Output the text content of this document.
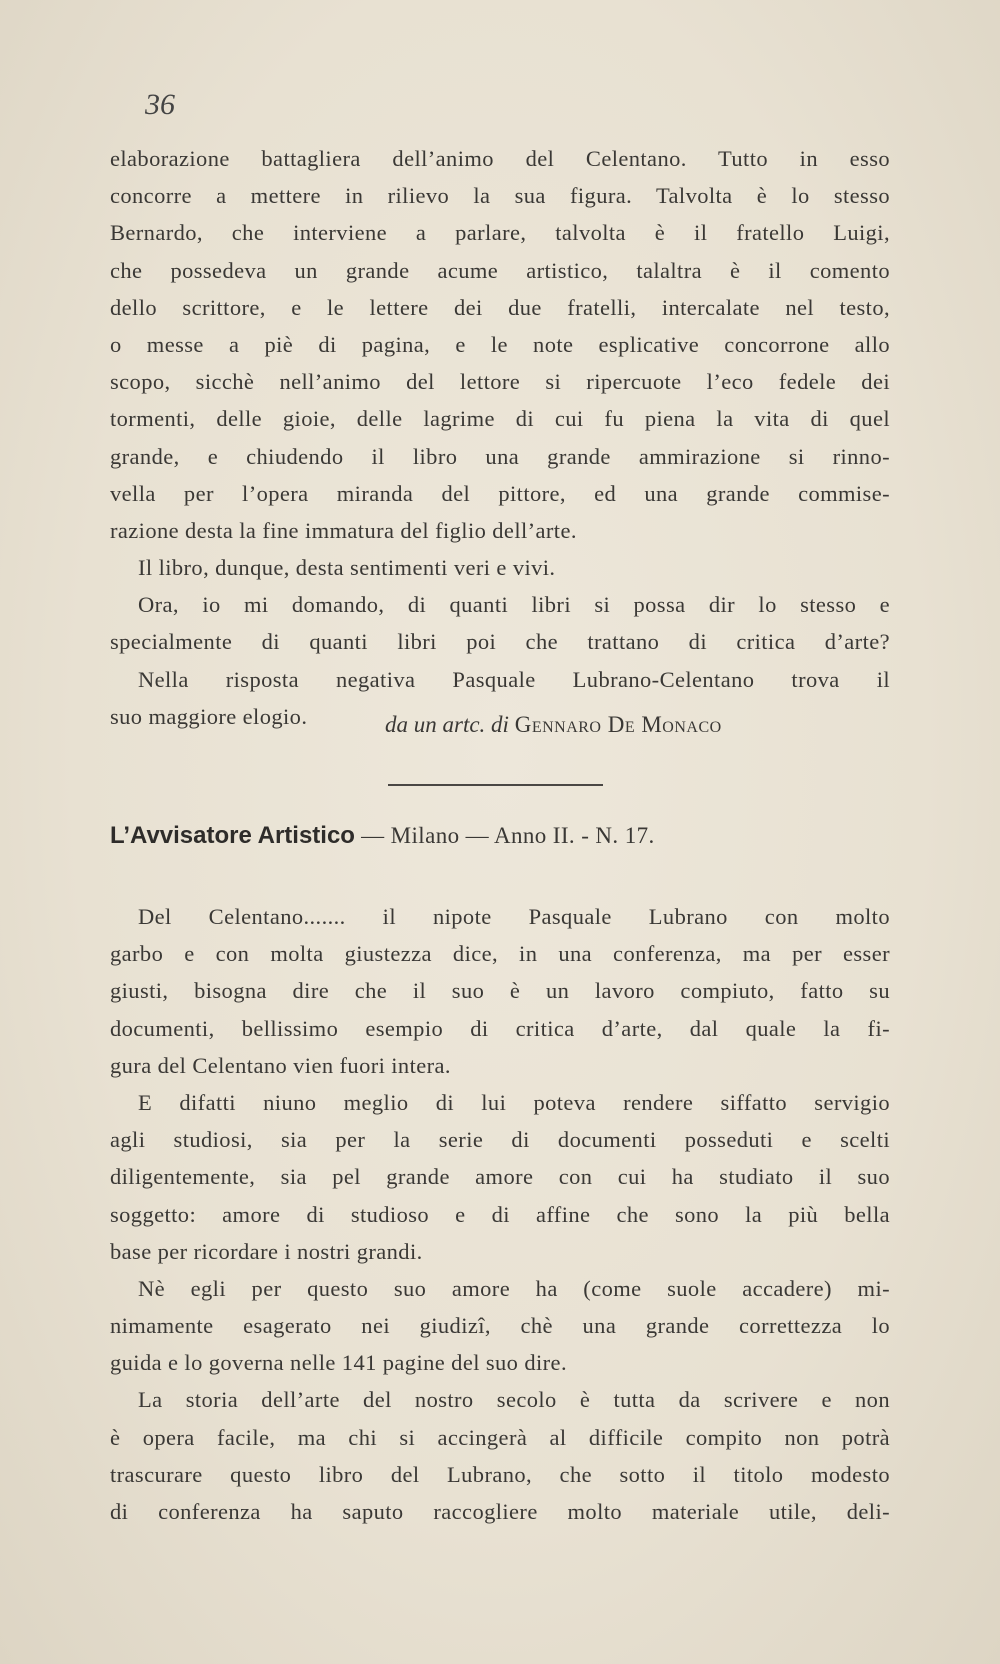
36
elaborazione battagliera dell’animo del Celentano. Tutto in esso
concorre a mettere in rilievo la sua figura. Talvolta è lo stesso
Bernardo, che interviene a parlare, talvolta è il fratello Luigi,
che possedeva un grande acume artistico, talaltra è il comento
dello scrittore, e le lettere dei due fratelli, intercalate nel testo,
o messe a piè di pagina, e le note esplicative concorrone allo
scopo, sicchè nell’animo del lettore si ripercuote l’eco fedele dei
tormenti, delle gioie, delle lagrime di cui fu piena la vita di quel
grande, e chiudendo il libro una grande ammirazione si rinno-
vella per l’opera miranda del pittore, ed una grande commise-
razione desta la fine immatura del figlio dell’arte.
Il libro, dunque, desta sentimenti veri e vivi.
Ora, io mi domando, di quanti libri si possa dir lo stesso e
specialmente di quanti libri poi che trattano di critica d’arte?
Nella risposta negativa Pasquale Lubrano-Celentano trova il
suo maggiore elogio.	da un artc. di Gennaro De Monaco
L’Avvisatore Artistico — Milano — Anno II. - N. 17.
Del Celentano....... il nipote Pasquale Lubrano con molto
garbo e con molta giustezza dice, in una conferenza, ma per esser
giusti, bisogna dire che il suo è un lavoro compiuto, fatto su
documenti, bellissimo esempio di critica d’arte, dal quale la fi-
gura del Celentano vien fuori intera.
E difatti niuno meglio di lui poteva rendere siffatto servigio
agli studiosi, sia per la serie di documenti posseduti e scelti
diligentemente, sia pel grande amore con cui ha studiato il suo
soggetto: amore di studioso e di affine che sono la più bella
base per ricordare i nostri grandi.
Nè egli per questo suo amore ha (come suole accadere) mi-
nimamente esagerato nei giudizî, chè una grande correttezza lo
guida e lo governa nelle 141 pagine del suo dire.
La storia dell’arte del nostro secolo è tutta da scrivere e non
è opera facile, ma chi si accingerà al difficile compito non potrà
trascurare questo libro del Lubrano, che sotto il titolo modesto
di conferenza ha saputo raccogliere molto materiale utile, deli-
